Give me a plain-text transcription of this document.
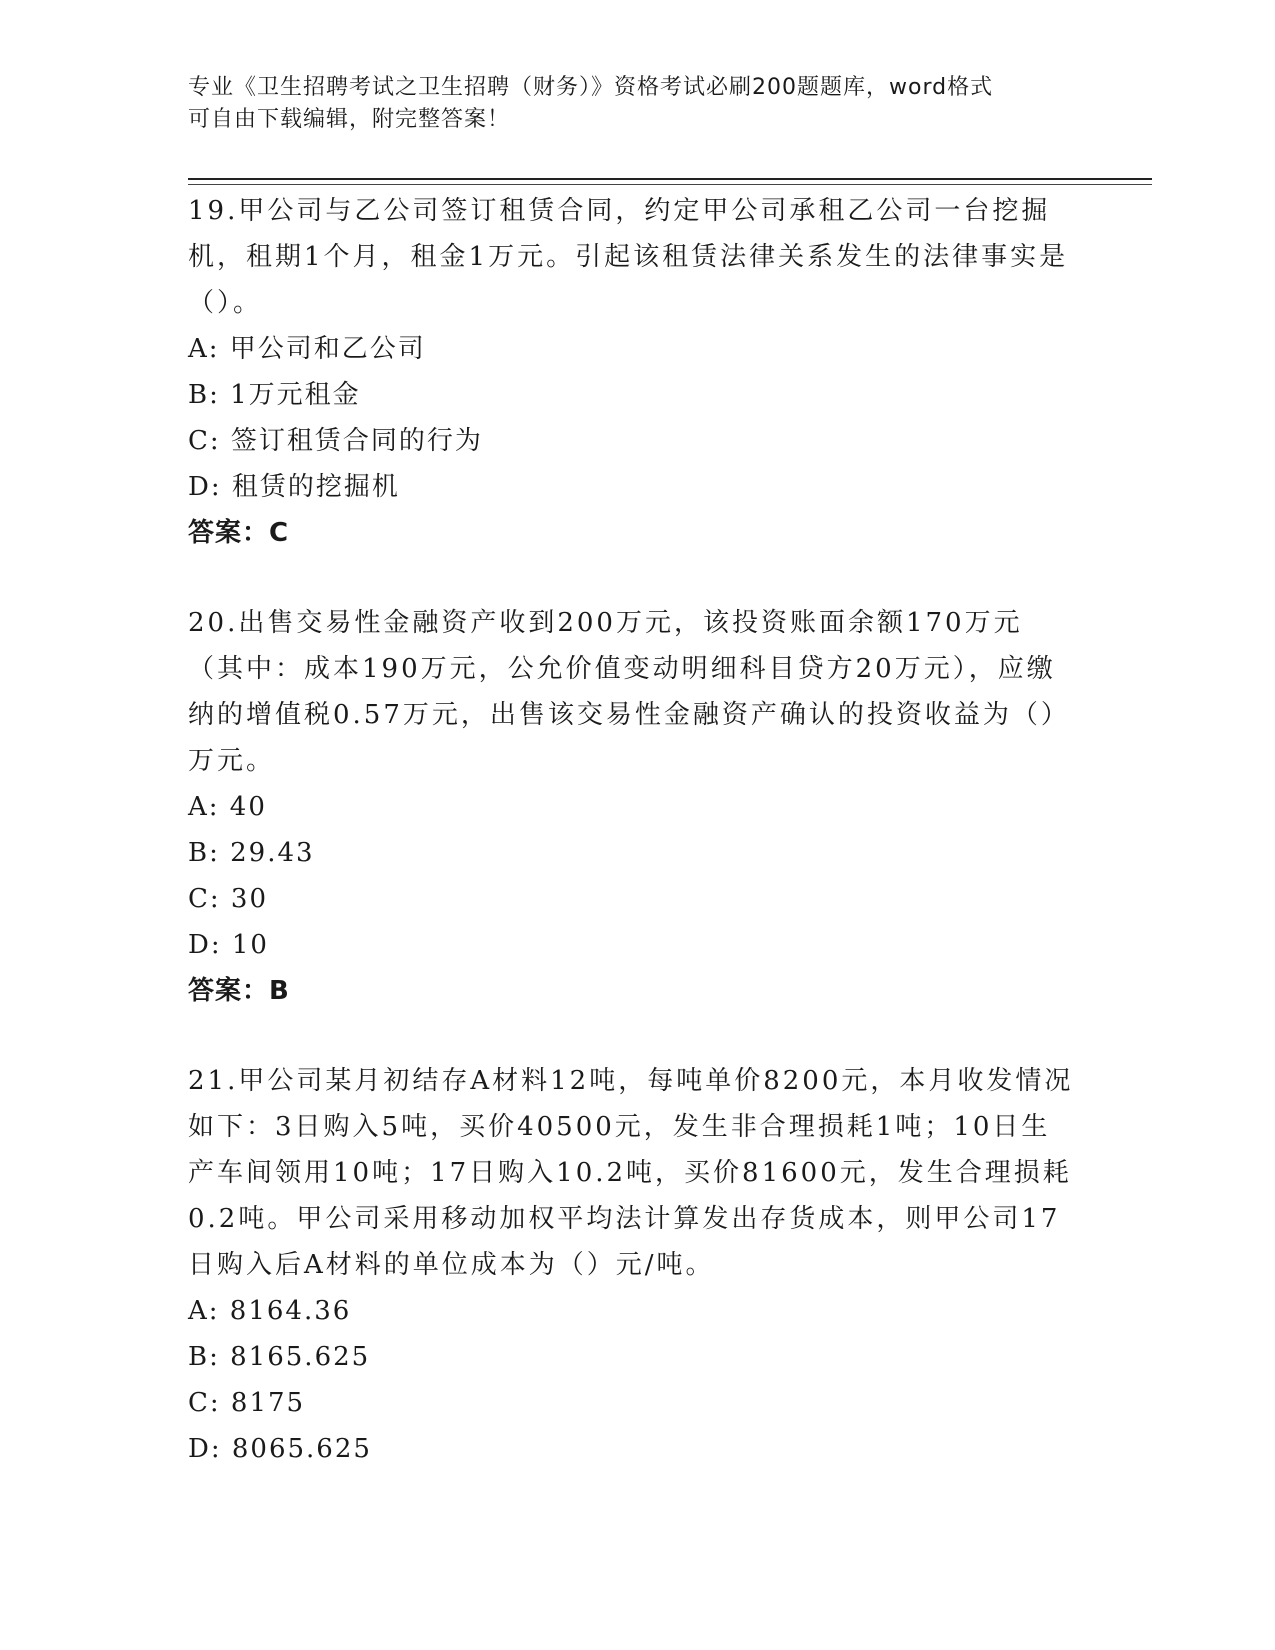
专业《卫生招聘考试之卫生招聘（财务）》资格考试必刷200题题库，word格式
可自由下载编辑，附完整答案！
19.甲公司与乙公司签订租赁合同，约定甲公司承租乙公司一台挖掘机，租期1个月，租金1万元。引起该租赁法律关系发生的法律事实是（）。
A: 甲公司和乙公司
B: 1万元租金
C: 签订租赁合同的行为
D: 租赁的挖掘机
答案：C
20.出售交易性金融资产收到200万元，该投资账面余额170万元（其中：成本190万元，公允价值变动明细科目贷方20万元），应缴纳的增值税0.57万元，出售该交易性金融资产确认的投资收益为（）万元。
A: 40
B: 29.43
C: 30
D: 10
答案：B
21.甲公司某月初结存A材料12吨，每吨单价8200元，本月收发情况如下：3日购入5吨，买价40500元，发生非合理损耗1吨；10日生产车间领用10吨；17日购入10.2吨，买价81600元，发生合理损耗0.2吨。甲公司采用移动加权平均法计算发出存货成本，则甲公司17日购入后A材料的单位成本为（）元/吨。
A: 8164.36
B: 8165.625
C: 8175
D: 8065.625
